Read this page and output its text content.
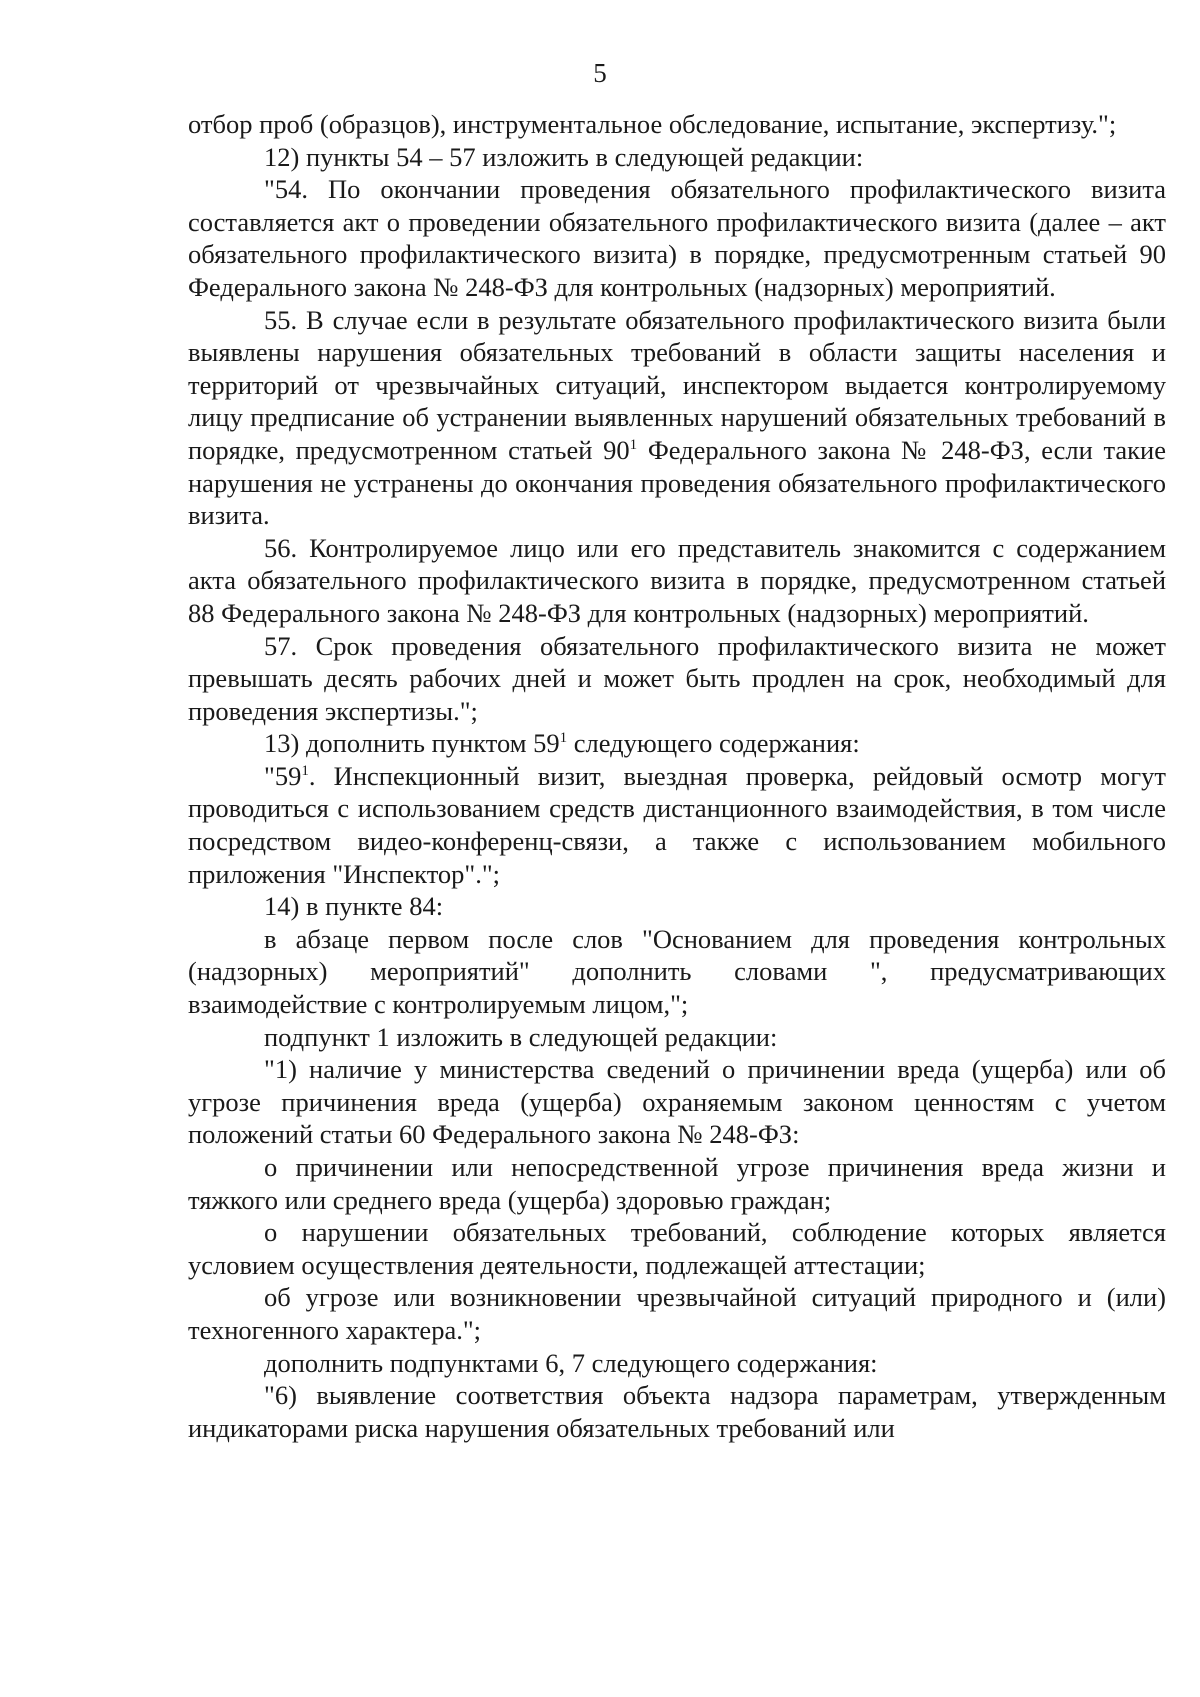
5

отбор проб (образцов), инструментальное обследование, испытание, экспертизу.";

12) пункты 54 – 57 изложить в следующей редакции:

"54. По окончании проведения обязательного профилактического визита составляется акт о проведении обязательного профилактического визита (далее – акт обязательного профилактического визита) в порядке, предусмотренным статьей 90 Федерального закона № 248-ФЗ для контрольных (надзорных) мероприятий.

55. В случае если в результате обязательного профилактического визита были выявлены нарушения обязательных требований в области защиты населения и территорий от чрезвычайных ситуаций, инспектором выдается контролируемому лицу предписание об устранении выявленных нарушений обязательных требований в порядке, предусмотренном статьей $90^1$ Федерального закона № 248-ФЗ, если такие нарушения не устранены до окончания проведения обязательного профилактического визита.

56. Контролируемое лицо или его представитель знакомится с содержанием акта обязательного профилактического визита в порядке, предусмотренном статьей 88 Федерального закона № 248-ФЗ для контрольных (надзорных) мероприятий.

57. Срок проведения обязательного профилактического визита не может превышать десять рабочих дней и может быть продлен на срок, необходимый для проведения экспертизы.";

13) дополнить пунктом $59^1$ следующего содержания:

"$59^1$. Инспекционный визит, выездная проверка, рейдовый осмотр могут проводиться с использованием средств дистанционного взаимодействия, в том числе посредством видео-конференц-связи, а также с использованием мобильного приложения "Инспектор".";

14) в пункте 84:

в абзаце первом после слов "Основанием для проведения контрольных (надзорных) мероприятий" дополнить словами ", предусматривающих взаимодействие с контролируемым лицом,";

подпункт 1 изложить в следующей редакции:

"1) наличие у министерства сведений о причинении вреда (ущерба) или об угрозе причинения вреда (ущерба) охраняемым законом ценностям с учетом положений статьи 60 Федерального закона № 248-ФЗ:

о причинении или непосредственной угрозе причинения вреда жизни и тяжкого или среднего вреда (ущерба) здоровью граждан;

о нарушении обязательных требований, соблюдение которых является условием осуществления деятельности, подлежащей аттестации;

об угрозе или возникновении чрезвычайной ситуаций природного и (или) техногенного характера.";

дополнить подпунктами 6, 7 следующего содержания:

"6) выявление соответствия объекта надзора параметрам, утвержденным индикаторами риска нарушения обязательных требований или
